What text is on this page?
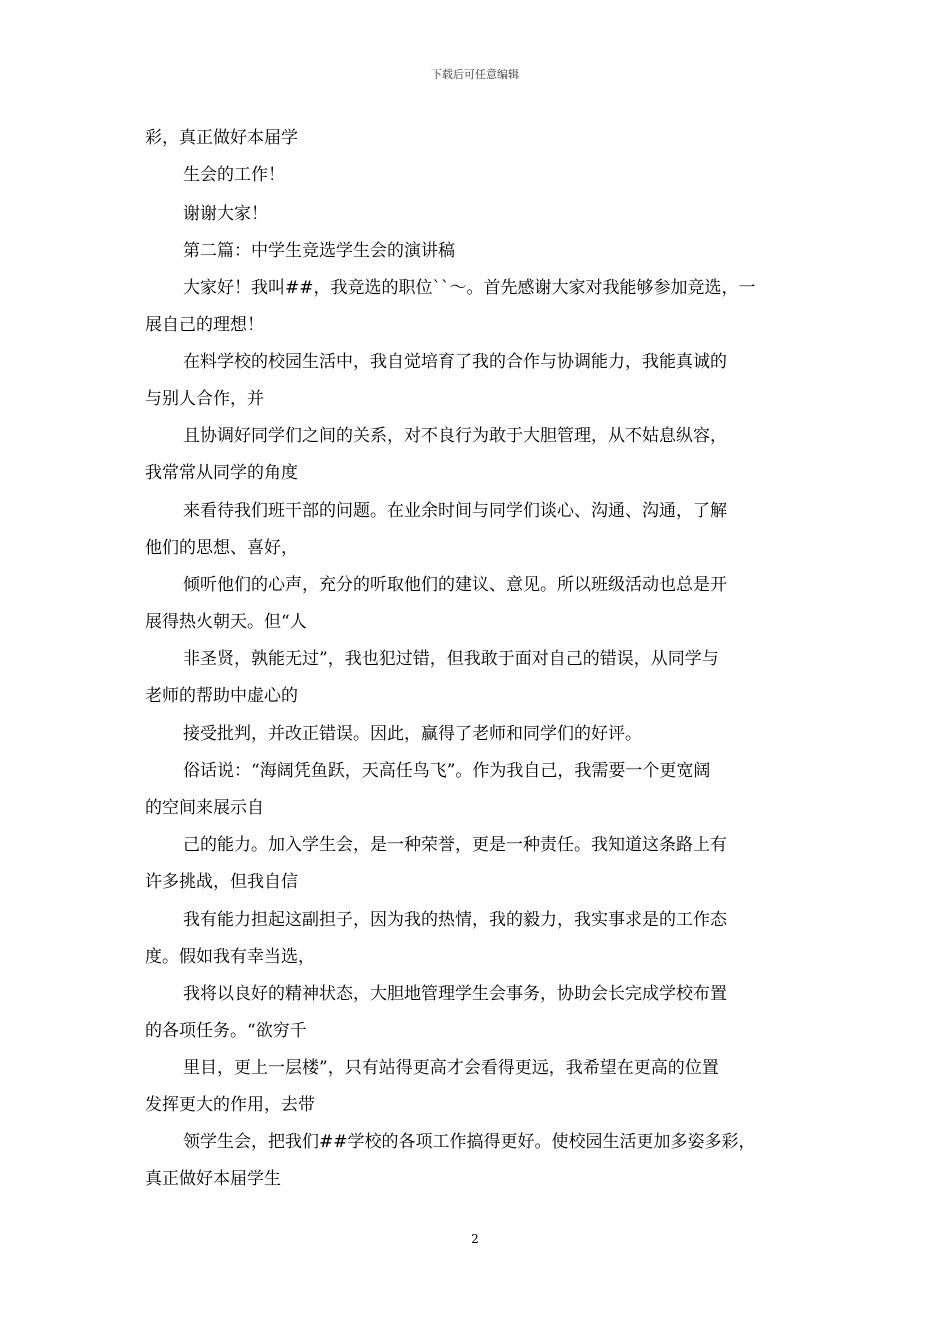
下载后可任意编辑
彩，真正做好本届学
生会的工作！
谢谢大家！
第二篇：中学生竞选学生会的演讲稿
大家好！我叫##，我竞选的职位``～。首先感谢大家对我能够参加竞选，一
展自己的理想！
在料学校的校园生活中，我自觉培育了我的合作与协调能力，我能真诚的
与别人合作，并
且协调好同学们之间的关系，对不良行为敢于大胆管理，从不姑息纵容，
我常常从同学的角度
来看待我们班干部的问题。在业余时间与同学们谈心、沟通、沟通，了解
他们的思想、喜好，
倾听他们的心声，充分的听取他们的建议、意见。所以班级活动也总是开
展得热火朝天。但“人
非圣贤，孰能无过”，我也犯过错，但我敢于面对自己的错误，从同学与
老师的帮助中虚心的
接受批判，并改正错误。因此，赢得了老师和同学们的好评。
俗话说：“海阔凭鱼跃，天高任鸟飞”。作为我自己，我需要一个更宽阔
的空间来展示自
己的能力。加入学生会，是一种荣誉，更是一种责任。我知道这条路上有
许多挑战，但我自信
我有能力担起这副担子，因为我的热情，我的毅力，我实事求是的工作态
度。假如我有幸当选，
我将以良好的精神状态，大胆地管理学生会事务，协助会长完成学校布置
的各项任务。“欲穷千
里目，更上一层楼”，只有站得更高才会看得更远，我希望在更高的位置
发挥更大的作用，去带
领学生会，把我们##学校的各项工作搞得更好。使校园生活更加多姿多彩，
真正做好本届学生
2
